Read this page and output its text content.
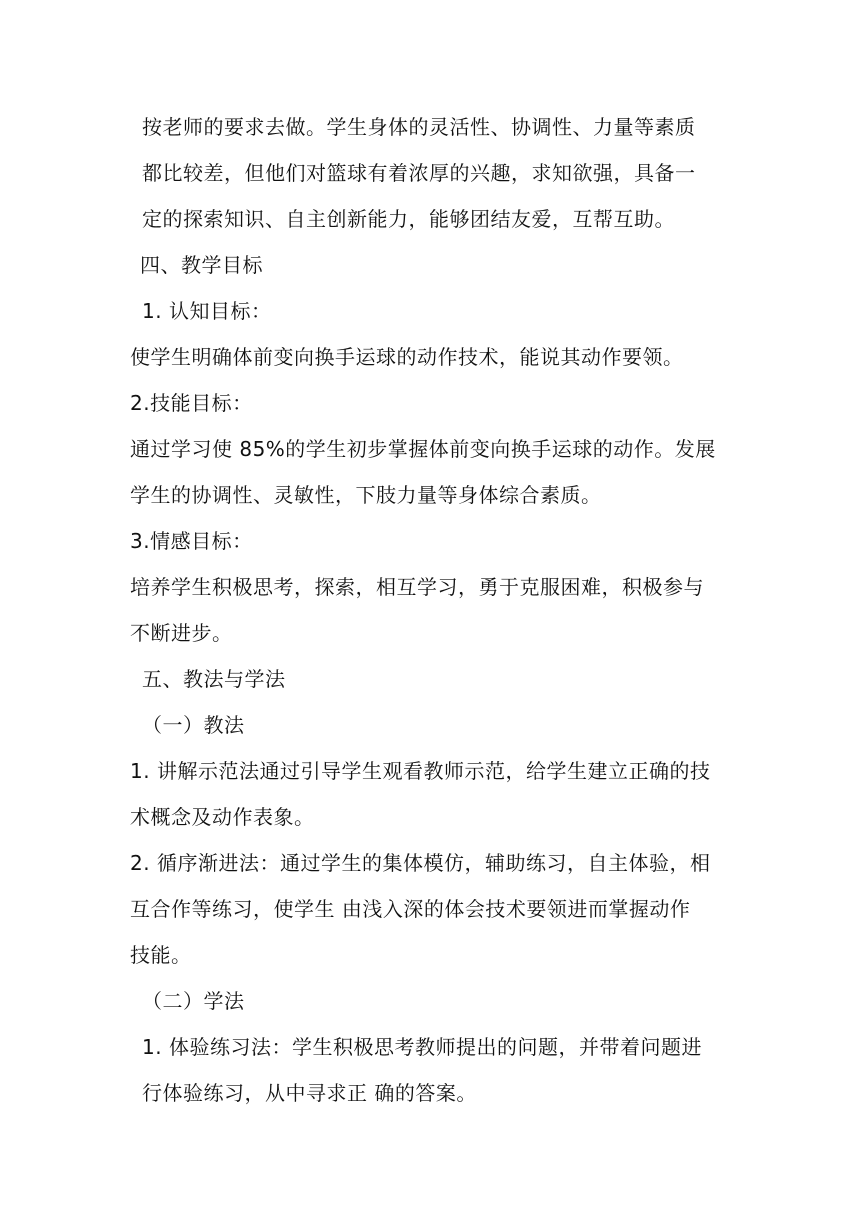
按老师的要求去做。学生身体的灵活性、协调性、力量等素质
都比较差，但他们对篮球有着浓厚的兴趣，求知欲强，具备一
定的探索知识、自主创新能力，能够团结友爱，互帮互助。
四、教学目标
1. 认知目标：
使学生明确体前变向换手运球的动作技术，能说其动作要领。
2.技能目标：
通过学习使 85%的学生初步掌握体前变向换手运球的动作。发展
学生的协调性、灵敏性，下肢力量等身体综合素质。
3.情感目标：
培养学生积极思考，探索，相互学习，勇于克服困难，积极参与
不断进步。
五、教法与学法
（一）教法
1. 讲解示范法通过引导学生观看教师示范，给学生建立正确的技
术概念及动作表象。
2. 循序渐进法：通过学生的集体模仿，辅助练习，自主体验，相
互合作等练习，使学生 由浅入深的体会技术要领进而掌握动作
技能。
（二）学法
1. 体验练习法：学生积极思考教师提出的问题，并带着问题进
行体验练习，从中寻求正 确的答案。
